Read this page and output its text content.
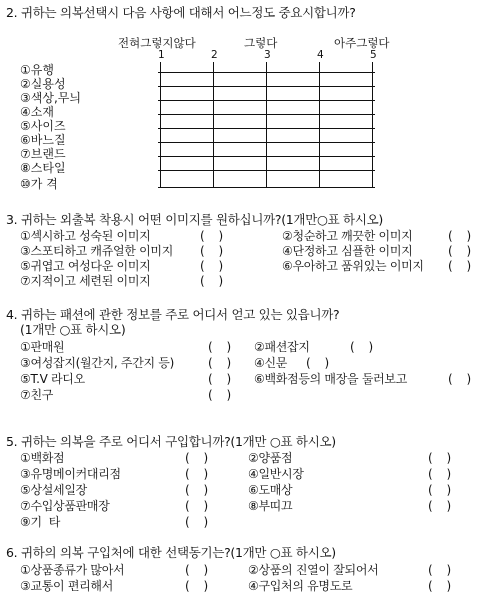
2. 귀하는 의복선택시 다음 사항에 대해서 어느정도 중요시합니까?
전혀그렇지않다	그렇다	아주그렇다
1	2	3	4	5
①유행
②실용성
③색상,무늬
④소재
⑤사이즈
⑥바느질
⑦브랜드
⑧스타일
⑩가 격
3. 귀하는 외출복 착용시 어떤 이미지를 원하십니까?(1개만○표 하시오)
①섹시하고 성숙된 이미지	(    )	②청순하고 깨끗한 이미지	(    )
③스포티하고 캐쥬얼한 이미지 (    )	④단정하고 심플한 이미지	(    )
⑤귀엽고 여성다운 이미지	(    )	⑥우아하고 품위있는 이미지 (    )
⑦지적이고 세련된 이미지	(    )
4. 귀하는 패션에 관한 정보를 주로 어디서 얻고 있는 있읍니까?
(1개만 ○표 하시오)
①판매원	(    ) ②패션잡지	(    )
③여성잡지(월간지, 주간지 등)	(    ) ④신문 (    )
⑤T.V 라디오	(    ) ⑥백화점등의 매장을 둘러보고	(    )
⑦친구	(    )
5. 귀하는 의복을 주로 어디서 구입합니까?(1개만 ○표 하시오)
①백화점	(    )	②양품점	(    )
③유명메이커대리점	(    )	④일반시장	(    )
⑤상설세일장	(    )	⑥도매상	(    )
⑦수입상품판매장	(    )	⑧부띠끄	(    )
⑨기  타	(    )
6. 귀하의 의복 구입처에 대한 선택동기는?(1개만 ○표 하시오)
①상품종류가 많아서	(    )	②상품의 진열이 잘되어서	(    )
③교통이 편리해서	(    )	④구입처의 유명도로	(    )
